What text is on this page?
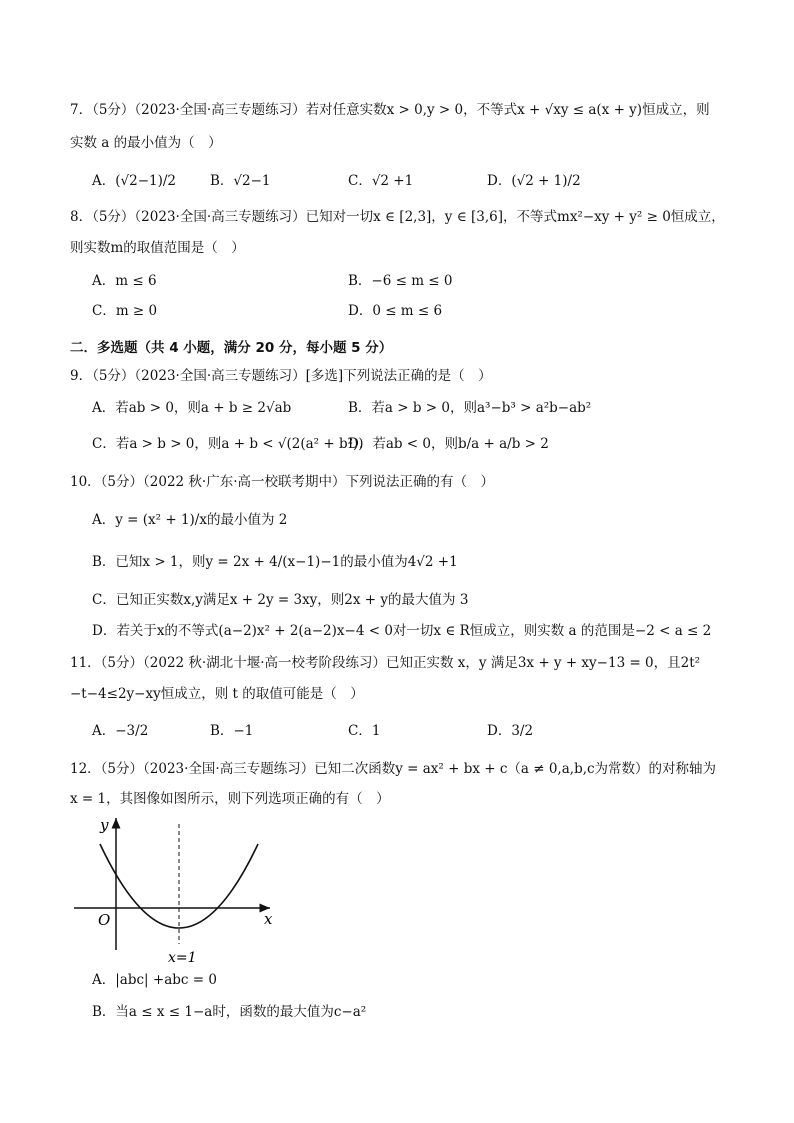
7．（5分）（2023·全国·高三专题练习）若对任意实数x > 0,y > 0，不等式x + √xy ≤ a(x + y)恒成立，则
实数 a 的最小值为（　）
A．(√2−1)/2	B．√2−1	C．√2 +1	D．(√2 + 1)/2
8．（5分）（2023·全国·高三专题练习）已知对一切x ∈ [2,3]，y ∈ [3,6]，不等式mx²−xy + y² ≥ 0恒成立，
则实数m的取值范围是（　）
A．m ≤ 6	B．−6 ≤ m ≤ 0
C．m ≥ 0	D．0 ≤ m ≤ 6
二．多选题（共 4 小题，满分 20 分，每小题 5 分）
9．（5分）（2023·全国·高三专题练习）[多选]下列说法正确的是（　）
A．若ab > 0，则a + b ≥ 2√ab	B．若a > b > 0，则a³−b³ > a²b−ab²
C．若a > b > 0，则a + b < √(2(a² + b²))
D．若ab < 0，则b/a + a/b > 2
10．（5分）（2022 秋·广东·高一校联考期中）下列说法正确的有（　）
A．y = (x² + 1)/x的最小值为 2
B．已知x > 1，则y = 2x + 4/(x−1)−1的最小值为4√2 +1
C．已知正实数x,y满足x + 2y = 3xy，则2x + y的最大值为 3
D．若关于x的不等式(a−2)x² + 2(a−2)x−4 < 0对一切x ∈ R恒成立，则实数 a 的范围是−2 < a ≤ 2
11．（5分）（2022 秋·湖北十堰·高一校考阶段练习）已知正实数 x，y 满足3x + y + xy−13 = 0，且2t²
−t−4≤2y−xy恒成立，则 t 的取值可能是（　）
A．−3/2	B．−1	C．1	D．3/2
12．（5分）（2023·全国·高三专题练习）已知二次函数y = ax² + bx + c（a ≠ 0,a,b,c为常数）的对称轴为
x = 1，其图像如图所示，则下列选项正确的有（　）
y
x
O
x=1
A．|abc| +abc = 0
B．当a ≤ x ≤ 1−a时，函数的最大值为c−a²
